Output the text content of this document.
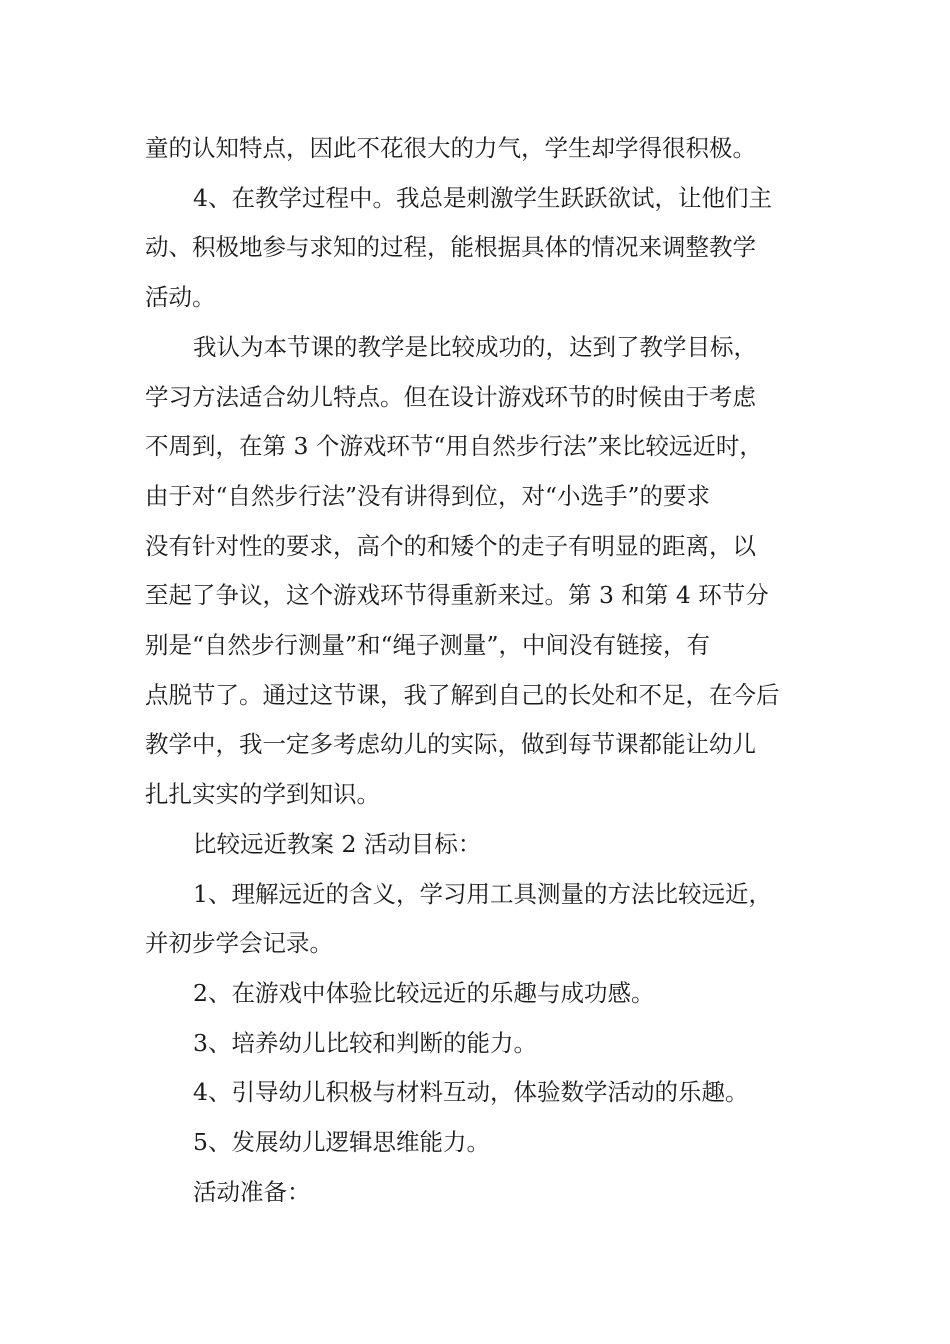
童的认知特点，因此不花很大的力气，学生却学得很积极。
4、在教学过程中。我总是刺激学生跃跃欲试，让他们主
动、积极地参与求知的过程，能根据具体的情况来调整教学
活动。
我认为本节课的教学是比较成功的，达到了教学目标，
学习方法适合幼儿特点。但在设计游戏环节的时候由于考虑
不周到，在第 3 个游戏环节“用自然步行法”来比较远近时，
由于对“自然步行法”没有讲得到位，对“小选手”的要求
没有针对性的要求，高个的和矮个的走子有明显的距离，以
至起了争议，这个游戏环节得重新来过。第 3 和第 4 环节分
别是“自然步行测量”和“绳子测量”，中间没有链接，有
点脱节了。通过这节课，我了解到自己的长处和不足，在今后
教学中，我一定多考虑幼儿的实际，做到每节课都能让幼儿
扎扎实实的学到知识。
比较远近教案 2 活动目标：
1、理解远近的含义，学习用工具测量的方法比较远近，
并初步学会记录。
2、在游戏中体验比较远近的乐趣与成功感。
3、培养幼儿比较和判断的能力。
4、引导幼儿积极与材料互动，体验数学活动的乐趣。
5、发展幼儿逻辑思维能力。
活动准备：
